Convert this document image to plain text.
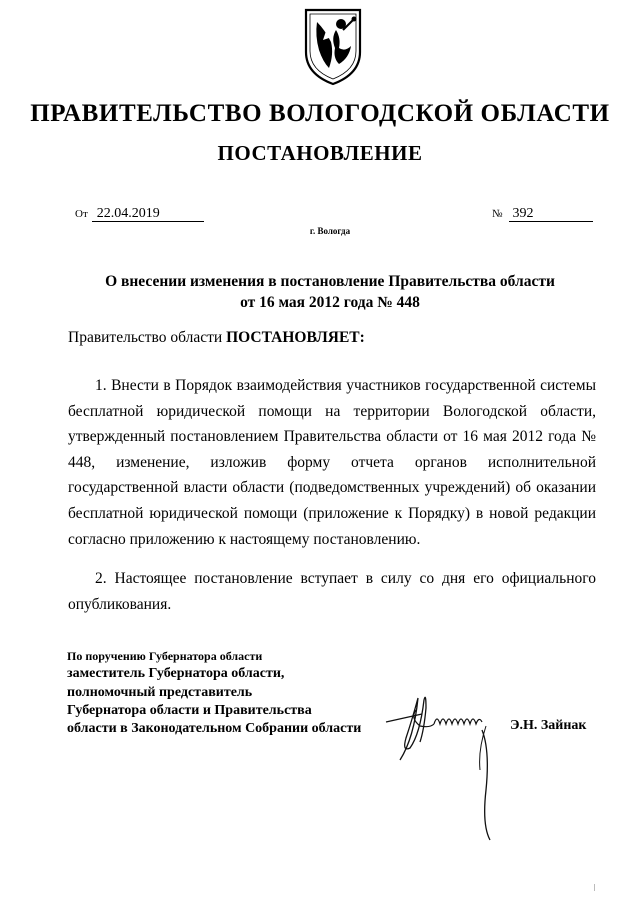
ПРАВИТЕЛЬСТВО ВОЛОГОДСКОЙ ОБЛАСТИ
ПОСТАНОВЛЕНИЕ
От 22.04.2019	№ 392
г. Вологда
О внесении изменения в постановление Правительства области
от 16 мая 2012 года № 448
Правительство области ПОСТАНОВЛЯЕТ:
1. Внести в Порядок взаимодействия участников государственной системы бесплатной юридической помощи на территории Вологодской области, утвержденный постановлением Правительства области от 16 мая 2012 года № 448, изменение, изложив форму отчета органов исполнительной государственной власти области (подведомственных учреждений) об оказании бесплатной юридической помощи (приложение к Порядку) в новой редакции согласно приложению к настоящему постановлению.
2. Настоящее постановление вступает в силу со дня его официального опубликования.
По поручению Губернатора области
заместитель Губернатора области,
полномочный представитель
Губернатора области и Правительства
области в Законодательном Собрании области	Э.Н. Зайнак
